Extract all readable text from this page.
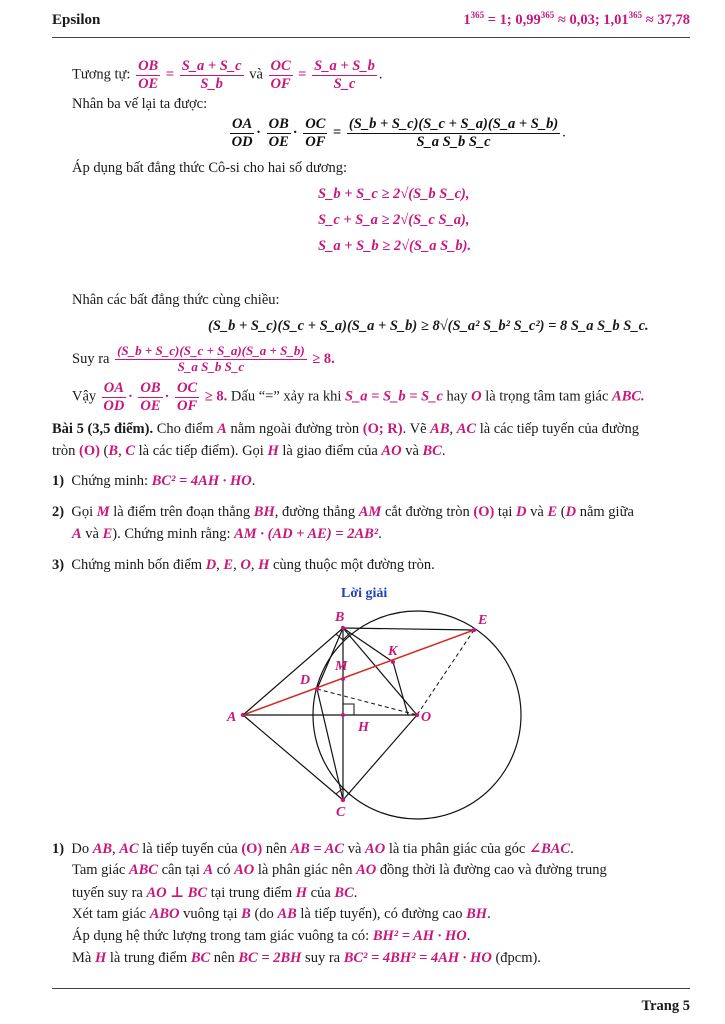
Epsilon	$1^{365} = 1$; $0,99^{365} \approx 0,03$; $1,01^{365} \approx 37,78$
Tương tự: $\frac{OB}{OE} = \frac{S\_a + S\_c}{S\_b}$ và $\frac{OC}{OF} = \frac{S\_a + S\_b}{S\_c}$ .
Nhân ba vế lại ta được:
$\frac{OA}{OD} \cdot \frac{OB}{OE} \cdot \frac{OC}{OF} = \frac{(S\_b + S\_c)(S\_c + S\_a)(S\_a + S\_b)}{\text{S\_a S\_b S\_c}}$ .
Áp dụng bất đẳng thức Cô-si cho hai số dương:
S_b + S_c ≥ 2√(S_b S_c),
S_c + S_a ≥ 2√(S_c S_a),
S_a + S_b ≥ 2√(S_a S_b).
Nhân các bất đẳng thức cùng chiều:
(S_b + S_c)(S_c + S_a)(S_a + S_b) ≥ 8√(S_a² S_b² S_c²) = 8 S_a S_b S_c.
Suy ra $\frac{(S\_b + S\_c)(S\_c + S\_a)(S\_a + S\_b)}{\text{S\_a S\_b S\_c}} \ge 8$.
Vậy $\frac{OA}{OD} \cdot \frac{OB}{OE} \cdot \frac{OC}{OF} \ge 8$. Dấu “=” xảy ra khi S_a = S_b = S_c hay O là trọng tâm tam giác ABC.
Bài 5 (3,5 điểm). Cho điểm A nằm ngoài đường tròn (O; R). Vẽ AB, AC là các tiếp tuyến của đường
tròn (O) (B, C là các tiếp điểm). Gọi H là giao điểm của AO và BC.
1) Chứng minh: BC² = 4AH · HO.
2) Gọi M là điểm trên đoạn thẳng BH, đường thẳng AM cắt đường tròn (O) tại D và E (D nằm giữa
A và E). Chứng minh rằng: AM · (AD + AE) = 2AB².
3) Chứng minh bốn điểm D, E, O, H cùng thuộc một đường tròn.
Lời giải
A
B
C
D
E
H
K
M
O
1) Do AB, AC là tiếp tuyến của (O) nên AB = AC và AO là tia phân giác của góc ∠BAC.
Tam giác ABC cân tại A có AO là phân giác nên AO đồng thời là đường cao và đường trung
tuyến suy ra AO ⊥ BC tại trung điểm H của BC.
Xét tam giác ABO vuông tại B (do AB là tiếp tuyến), có đường cao BH.
Áp dụng hệ thức lượng trong tam giác vuông ta có: BH² = AH · HO.
Mà H là trung điểm BC nên BC = 2BH suy ra BC² = 4BH² = 4AH · HO (đpcm).
Trang 5
